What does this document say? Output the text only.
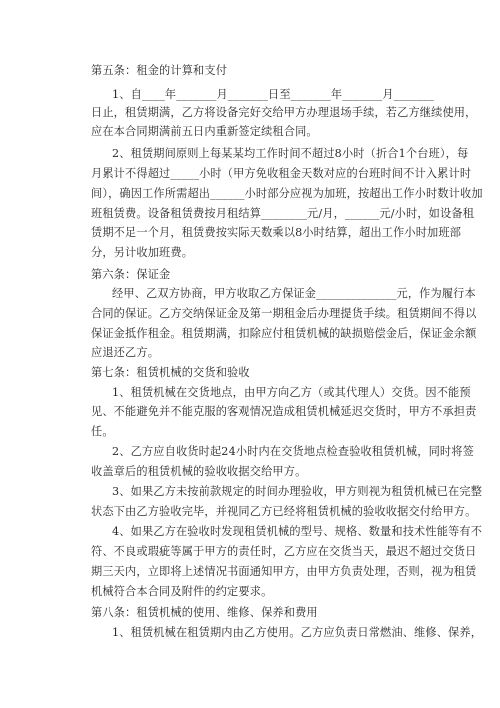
第五条：租金的计算和支付
1、自____年_______月_______日至_______年_______月_______
日止，租赁期满，乙方将设备完好交给甲方办理退场手续，若乙方继续使用，
应在本合同期满前五日内重新签定续租合同。
2、租赁期间原则上每某某均工作时间不超过8小时（折合1个台班），每
月累计不得超过_____小时（甲方免收租金天数对应的台班时间不计入累计时
间），确因工作所需超出______小时部分应视为加班，按超出工作小时数计收加
班租赁费。设备租赁费按月租结算________元/月，______元/小时，如设备租
赁期不足一个月，租赁费按实际天数乘以8小时结算，超出工作小时加班部
分，另计收加班费。
第六条：保证金
经甲、乙双方协商，甲方收取乙方保证金______________元，作为履行本
合同的保证。乙方交纳保证金及第一期租金后办理提货手续。租赁期间不得以
保证金抵作租金。租赁期满，扣除应付租赁机械的缺损赔偿金后，保证金余额
应退还乙方。
第七条：租赁机械的交货和验收
1、租赁机械在交货地点，由甲方向乙方（或其代理人）交货。因不能预
见、不能避免并不能克服的客观情况造成租赁机械延迟交货时，甲方不承担责
任。
2、乙方应自收货时起24小时内在交货地点检查验收租赁机械，同时将签
收盖章后的租赁机械的验收收据交给甲方。
3、如果乙方未按前款规定的时间办理验收，甲方则视为租赁机械已在完整
状态下由乙方验收完毕，并视同乙方已经将租赁机械的验收收据交付给甲方。
4、如果乙方在验收时发现租赁机械的型号、规格、数量和技术性能等有不
符、不良或瑕疵等属于甲方的责任时，乙方应在交货当天，最迟不超过交货日
期三天内，立即将上述情况书面通知甲方，由甲方负责处理，否则，视为租赁
机械符合本合同及附件的约定要求。
第八条：租赁机械的使用、维修、保养和费用
1、租赁机械在租赁期内由乙方使用。乙方应负责日常燃油、维修、保养，
